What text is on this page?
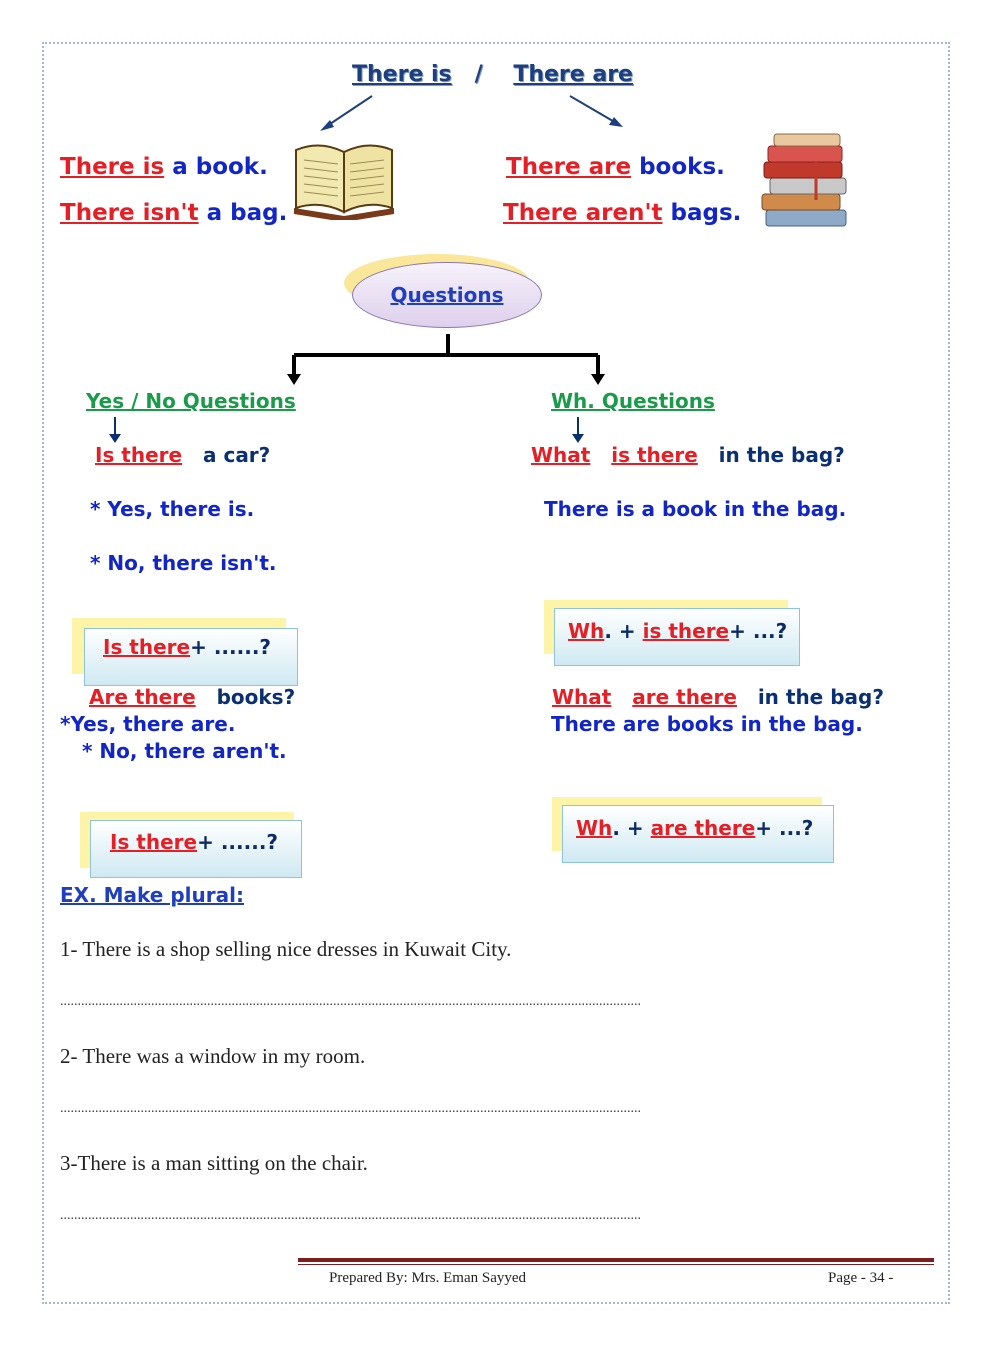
There is / There are
There is a book.
There isn't a bag.
There are books.
There aren't bags.
Questions
Yes / No Questions
Is there a car?
* Yes, there is.
* No, there isn't.
Is there+ ......?
Are there books?
*Yes, there are.
* No, there aren't.
Is there+ ......?
Wh. Questions
What is there in the bag?
There is a book in the bag.
Wh. + is there+ ...?
What are there in the bag?
There are books in the bag.
Wh. + are there+ ...?
EX. Make plural:
1- There is a shop selling nice dresses in Kuwait City.
......................................................................................................................................................................
2- There was a window in my room.
......................................................................................................................................................................
3-There is a man sitting on the chair.
......................................................................................................................................................................
Prepared By: Mrs. Eman Sayyed	Page - 34 -
